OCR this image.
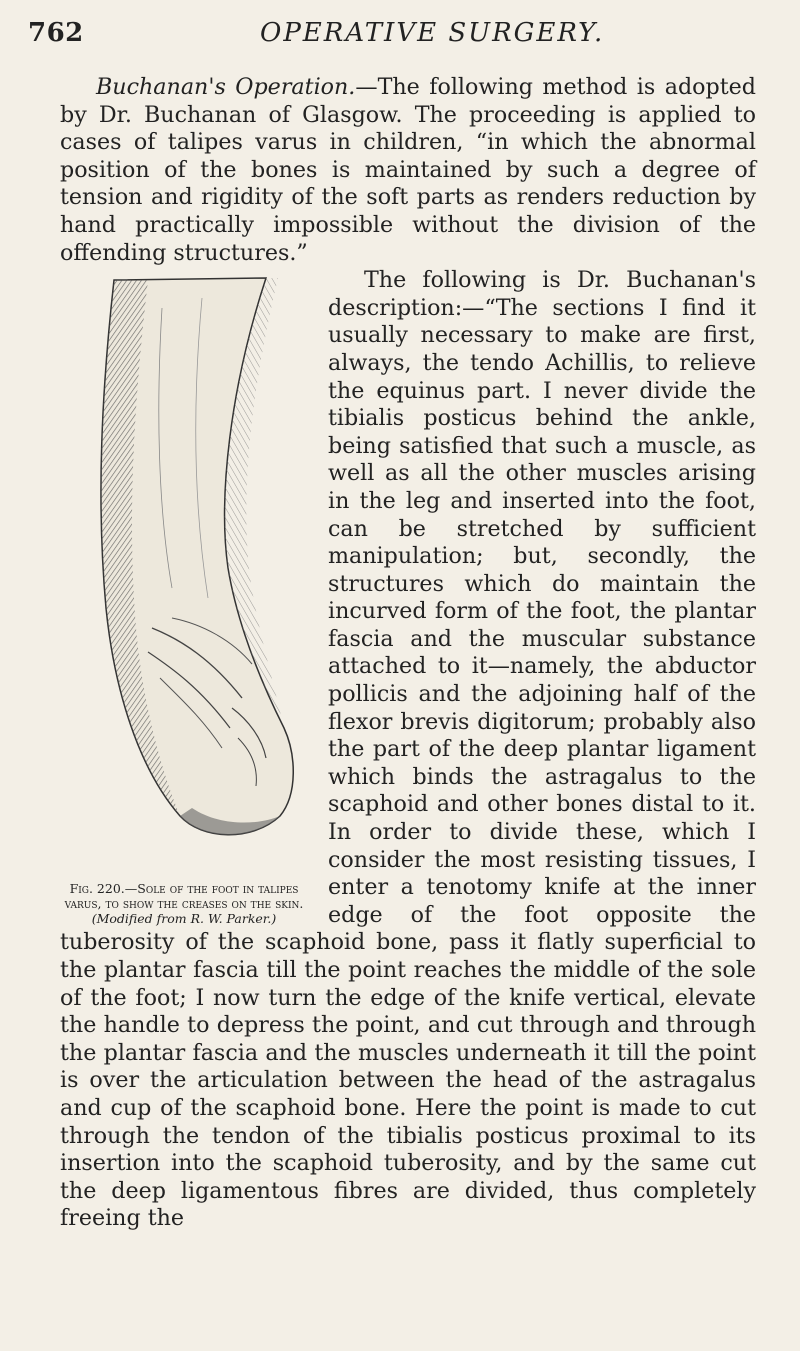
762	OPERATIVE SURGERY.

Buchanan's Operation.—The following method is adopted by Dr. Buchanan of Glasgow. The proceeding is applied to cases of talipes varus in children, “in which the abnormal position of the bones is maintained by such a degree of tension and rigidity of the soft parts as renders reduction by hand practically impossible without the division of the offending structures.”

Fig. 220.—Sole of the foot in talipes varus, to show the creases on the skin. (Modified from R. W. Parker.)

The following is Dr. Buchanan's description:—“The sections I find it usually necessary to make are first, always, the tendo Achillis, to relieve the equinus part. I never divide the tibialis posticus behind the ankle, being satisfied that such a muscle, as well as all the other muscles arising in the leg and inserted into the foot, can be stretched by sufficient manipulation; but, secondly, the structures which do maintain the incurved form of the foot, the plantar fascia and the muscular substance attached to it—namely, the abductor pollicis and the adjoining half of the flexor brevis digitorum; probably also the part of the deep plantar ligament which binds the astragalus to the scaphoid and other bones distal to it. In order to divide these, which I consider the most resisting tissues, I enter a tenotomy knife at the inner edge of the foot opposite the tuberosity of the scaphoid bone, pass it flatly superficial to the plantar fascia till the point reaches the middle of the sole of the foot; I now turn the edge of the knife vertical, elevate the handle to depress the point, and cut through and through the plantar fascia and the muscles underneath it till the point is over the articulation between the head of the astragalus and cup of the scaphoid bone. Here the point is made to cut through the tendon of the tibialis posticus proximal to its insertion into the scaphoid tuberosity, and by the same cut the deep ligamentous fibres are divided, thus completely freeing the
